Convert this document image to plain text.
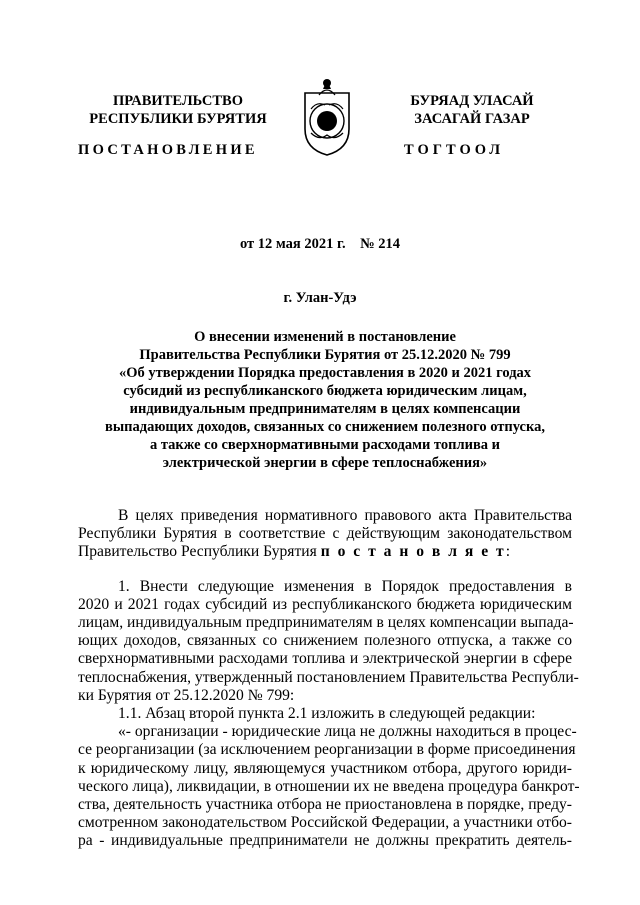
ПРАВИТЕЛЬСТВО
РЕСПУБЛИКИ БУРЯТИЯ
БУРЯАД УЛАСАЙ
ЗАСАГАЙ ГАЗАР
ПОСТАНОВЛЕНИЕ	ТОГТООЛ
от 12 мая 2021 г.    № 214
г. Улан-Удэ
О внесении изменений в постановление
Правительства Республики Бурятия от 25.12.2020 № 799
«Об утверждении Порядка предоставления в 2020 и 2021 годах
субсидий из республиканского бюджета юридическим лицам,
индивидуальным предпринимателям в целях компенсации
выпадающих доходов, связанных со снижением полезного отпуска,
а также со сверхнормативными расходами топлива и
электрической энергии в сфере теплоснабжения»
В целях приведения нормативного правового акта Правительства
Республики Бурятия в соответствие с действующим законодательством
Правительство Республики Бурятия п о с т а н о в л я е т:
1. Внести следующие изменения в Порядок предоставления в
2020 и 2021 годах субсидий из республиканского бюджета юридическим
лицам, индивидуальным предпринимателям в целях компенсации выпада-
ющих доходов, связанных со снижением полезного отпуска, а также со
сверхнормативными расходами топлива и электрической энергии в сфере
теплоснабжения, утвержденный постановлением Правительства Республи-
ки Бурятия от 25.12.2020 № 799:
1.1. Абзац второй пункта 2.1 изложить в следующей редакции:
«- организации - юридические лица не должны находиться в процес-
се реорганизации (за исключением реорганизации в форме присоединения
к юридическому лицу, являющемуся участником отбора, другого юриди-
ческого лица), ликвидации, в отношении их не введена процедура банкрот-
ства, деятельность участника отбора не приостановлена в порядке, преду-
смотренном законодательством Российской Федерации, а участники отбо-
ра - индивидуальные предприниматели не должны прекратить деятель-
